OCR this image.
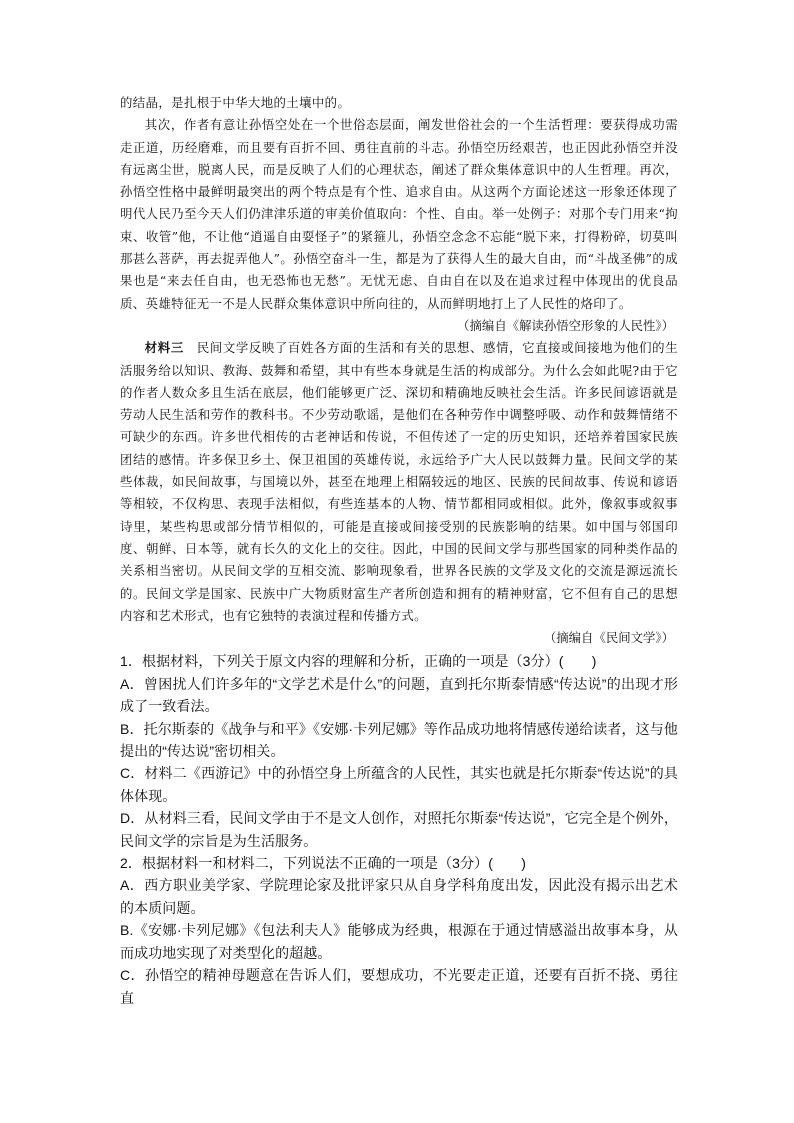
的结晶，是扎根于中华大地的土壤中的。

其次，作者有意让孙悟空处在一个世俗态层面，阐发世俗社会的一个生活哲理：要获得成功需走正道，历经磨难，而且要有百折不回、勇往直前的斗志。孙悟空历经艰苦，也正因此孙悟空并没有远离尘世，脱离人民，而是反映了人们的心理状态，阐述了群众集体意识中的人生哲理。再次，孙悟空性格中最鲜明最突出的两个特点是有个性、追求自由。从这两个方面论述这一形象还体现了明代人民乃至今天人们仍津津乐道的审美价值取向：个性、自由。举一处例子：对那个专门用来“拘束、收管”他，不让他“逍遥自由耍怪子”的紧箍儿，孙悟空念念不忘能“脱下来，打得粉碎，切莫叫那甚么菩萨，再去捉弄他人”。孙悟空奋斗一生，都是为了获得人生的最大自由，而“斗战圣佛”的成果也是“来去任自由，也无恐怖也无愁”。无忧无虑、自由自在以及在追求过程中体现出的优良品质、英雄特征无一不是人民群众集体意识中所向往的，从而鲜明地打上了人民性的烙印了。

（摘编自《解读孙悟空形象的人民性》）

材料三　 民间文学反映了百姓各方面的生活和有关的思想、感情，它直接或间接地为他们的生活服务给以知识、教海、鼓舞和希望，其中有些本身就是生活的构成部分。为什么会如此呢?由于它的作者人数众多且生活在底层，他们能够更广泛、深切和精确地反映社会生活。许多民间谚语就是劳动人民生活和劳作的教科书。不少劳动歌谣，是他们在各种劳作中调整呼吸、动作和鼓舞情绪不可缺少的东西。许多世代相传的古老神话和传说，不但传述了一定的历史知识，还培养着国家民族团结的感情。许多保卫乡土、保卫祖国的英雄传说，永远给予广大人民以鼓舞力量。民间文学的某些体裁，如民间故事，与国境以外，甚至在地理上相隔较远的地区、民族的民间故事、传说和谚语等相较，不仅构思、表现手法相似，有些连基本的人物、情节都相同或相似。此外，像叙事或叙事诗里，某些构思或部分情节相似的，可能是直接或间接受别的民族影响的结果。如中国与邻国印度、朝鲜、日本等，就有长久的文化上的交往。因此，中国的民间文学与那些国家的同种类作品的关系相当密切。从民间文学的互相交流、影响现象看，世界各民族的文学及文化的交流是源远流长的。民间文学是国家、民族中广大物质财富生产者所创造和拥有的精神财富，它不但有自己的思想内容和艺术形式，也有它独特的表演过程和传播方式。

（摘编自《民间文学》）

1．根据材料，下列关于原文内容的理解和分析，正确的一项是（3分）(　　)

A．曾困扰人们许多年的“文学艺术是什么”的问题，直到托尔斯泰情感“传达说”的出现才形成了一致看法。

B．托尔斯泰的《战争与和平》《安娜·卡列尼娜》等作品成功地将情感传递给读者，这与他提出的“传达说”密切相关。

C．材料二《西游记》中的孙悟空身上所蕴含的人民性，其实也就是托尔斯泰“传达说”的具体体现。

D．从材料三看，民间文学由于不是文人创作，对照托尔斯泰“传达说”，它完全是个例外，民间文学的宗旨是为生活服务。

2．根据材料一和材料二，下列说法不正确的一项是（3分）(　　)

A．西方职业美学家、学院理论家及批评家只从自身学科角度出发，因此没有揭示出艺术的本质问题。

B.《安娜·卡列尼娜》《包法利夫人》能够成为经典，根源在于通过情感溢出故事本身，从而成功地实现了对类型化的超越。

C．孙悟空的精神母题意在告诉人们，要想成功，不光要走正道，还要有百折不挠、勇往直
